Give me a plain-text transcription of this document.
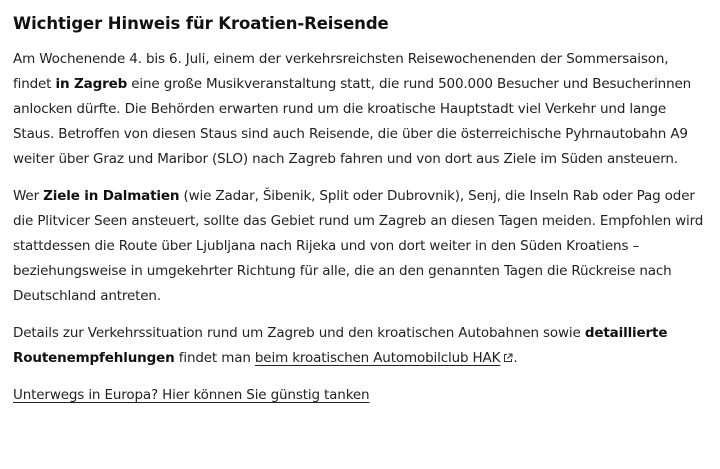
Wichtiger Hinweis für Kroatien-Reisende

Am Wochenende 4. bis 6. Juli, einem der verkehrsreichsten Reisewochenenden der Sommersaison, findet in Zagreb eine große Musikveranstaltung statt, die rund 500.000 Besucher und Besucherinnen anlocken dürfte. Die Behörden erwarten rund um die kroatische Hauptstadt viel Verkehr und lange Staus. Betroffen von diesen Staus sind auch Reisende, die über die österreichische Pyhrnautobahn A9 weiter über Graz und Maribor (SLO) nach Zagreb fahren und von dort aus Ziele im Süden ansteuern.

Wer Ziele in Dalmatien (wie Zadar, Šibenik, Split oder Dubrovnik), Senj, die Inseln Rab oder Pag oder die Plitvicer Seen ansteuert, sollte das Gebiet rund um Zagreb an diesen Tagen meiden. Empfohlen wird stattdessen die Route über Ljubljana nach Rijeka und von dort weiter in den Süden Kroatiens – beziehungsweise in umgekehrter Richtung für alle, die an den genannten Tagen die Rückreise nach Deutschland antreten.

Details zur Verkehrssituation rund um Zagreb und den kroatischen Autobahnen sowie detaillierte Routenempfehlungen findet man beim kroatischen Automobilclub HAK .

Unterwegs in Europa? Hier können Sie günstig tanken
